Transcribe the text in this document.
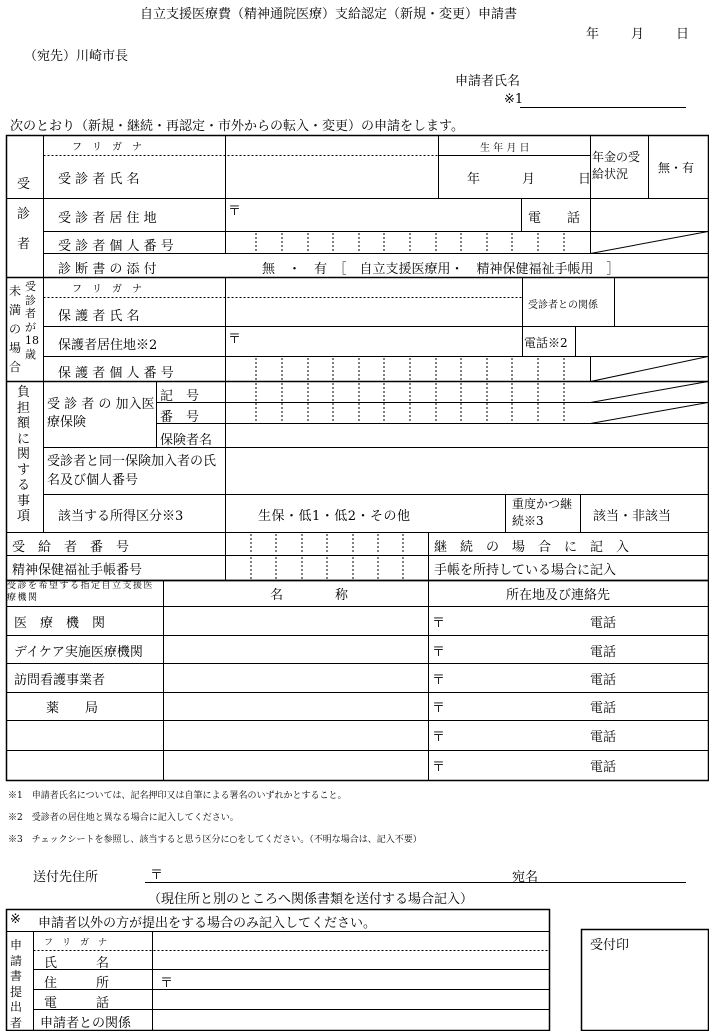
自立支援医療費（精神通院医療）支給認定（新規・変更）申請書
年 月 日
（宛先）川崎市長
申請者氏名
※1
次のとおり（新規・継続・再認定・市外からの転入・変更）の申請をします。
受診者
フ　リ　ガ　ナ
受 診 者 氏 名
生 年 月 日
年	月	日
年金の受給状況	無・有
受 診 者 居 住 地	〒	電　　話
受 診 者 個 人 番 号
診 断 書 の 添 付	無　・　有　［　自立支援医療用・　精神保健福祉手帳用　］
未満の場合
受診者が18歳
フ　リ　ガ　ナ
保 護 者 氏 名
受診者との関係
保護者居住地※2	〒	電話※2
保 護 者 個 人 番 号
負担額に関する事項
受 診 者 の 加入医療保険
記　号
番　号
保険者名
受診者と同一保険加入者の氏名及び個人番号
該当する所得区分※3	生保・低1・低2・その他
重度かつ継続※3	該当・非該当
受　給　者　番　号	継　続　の　場　合　に　記　入
精神保健福祉手帳番号	手帳を所持している場合に記入
受診を希望する指定自立支援医療機関	名　　　　称	所在地及び連絡先
医　療　機　関	〒	電話
デイケア実施医療機関	〒	電話
訪問看護事業者	〒	電話
薬　　局	〒	電話
〒	電話
〒	電話
※1　申請者氏名については、記名押印又は自筆による署名のいずれかとすること。
※2　受診者の居住地と異なる場合に記入してください。
※3　チェックシートを参照し、該当すると思う区分に○をしてください。（不明な場合は、記入不要）
送付先住所	〒	宛名
（現住所と別のところへ関係書類を送付する場合記入）
※ 申請者以外の方が提出をする場合のみ記入してください。
申請書提出者
フ　リ　ガ　ナ
氏　　　名
住　　　所	〒
電　　　話
申請者との関係
受付印
